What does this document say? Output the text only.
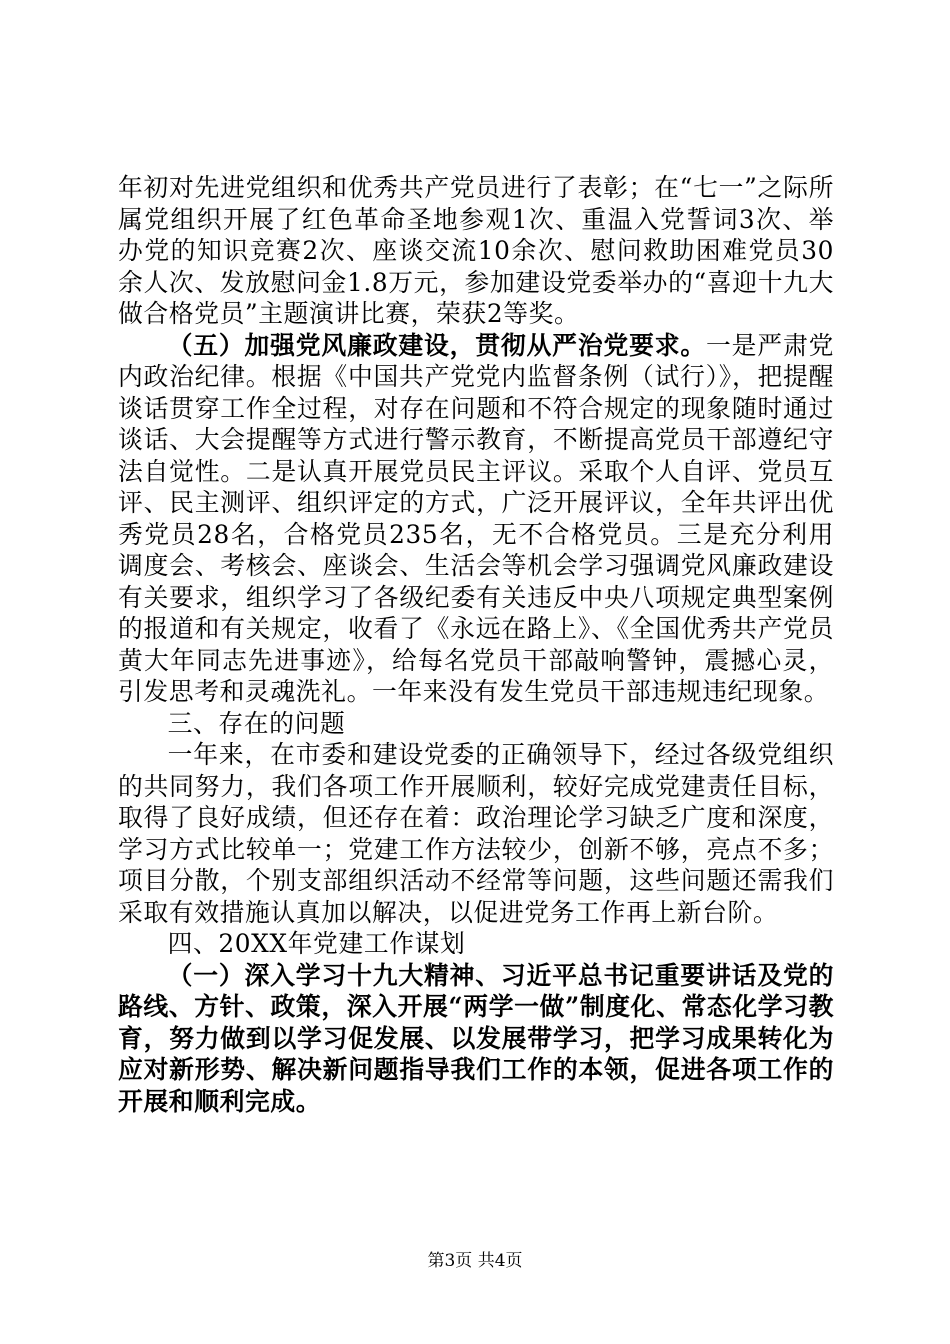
年初对先进党组织和优秀共产党员进行了表彰；在“七一”之际所属党组织开展了红色革命圣地参观1次、重温入党誓词3次、举办党的知识竞赛2次、座谈交流10余次、慰问救助困难党员30余人次、发放慰问金1.8万元，参加建设党委举办的“喜迎十九大做合格党员”主题演讲比赛，荣获2等奖。

（五）加强党风廉政建设，贯彻从严治党要求。一是严肃党内政治纪律。根据《中国共产党党内监督条例（试行）》，把提醒谈话贯穿工作全过程，对存在问题和不符合规定的现象随时通过谈话、大会提醒等方式进行警示教育，不断提高党员干部遵纪守法自觉性。二是认真开展党员民主评议。采取个人自评、党员互评、民主测评、组织评定的方式，广泛开展评议，全年共评出优秀党员28名，合格党员235名，无不合格党员。三是充分利用调度会、考核会、座谈会、生活会等机会学习强调党风廉政建设有关要求，组织学习了各级纪委有关违反中央八项规定典型案例的报道和有关规定，收看了《永远在路上》、《全国优秀共产党员黄大年同志先进事迹》，给每名党员干部敲响警钟，震撼心灵，引发思考和灵魂洗礼。一年来没有发生党员干部违规违纪现象。

三、存在的问题

一年来，在市委和建设党委的正确领导下，经过各级党组织的共同努力，我们各项工作开展顺利，较好完成党建责任目标，取得了良好成绩，但还存在着：政治理论学习缺乏广度和深度，学习方式比较单一；党建工作方法较少，创新不够，亮点不多；项目分散，个别支部组织活动不经常等问题，这些问题还需我们采取有效措施认真加以解决，以促进党务工作再上新台阶。

四、20XX年党建工作谋划

（一）深入学习十九大精神、习近平总书记重要讲话及党的路线、方针、政策，深入开展“两学一做”制度化、常态化学习教育，努力做到以学习促发展、以发展带学习，把学习成果转化为应对新形势、解决新问题指导我们工作的本领，促进各项工作的开展和顺利完成。

第3页 共4页
